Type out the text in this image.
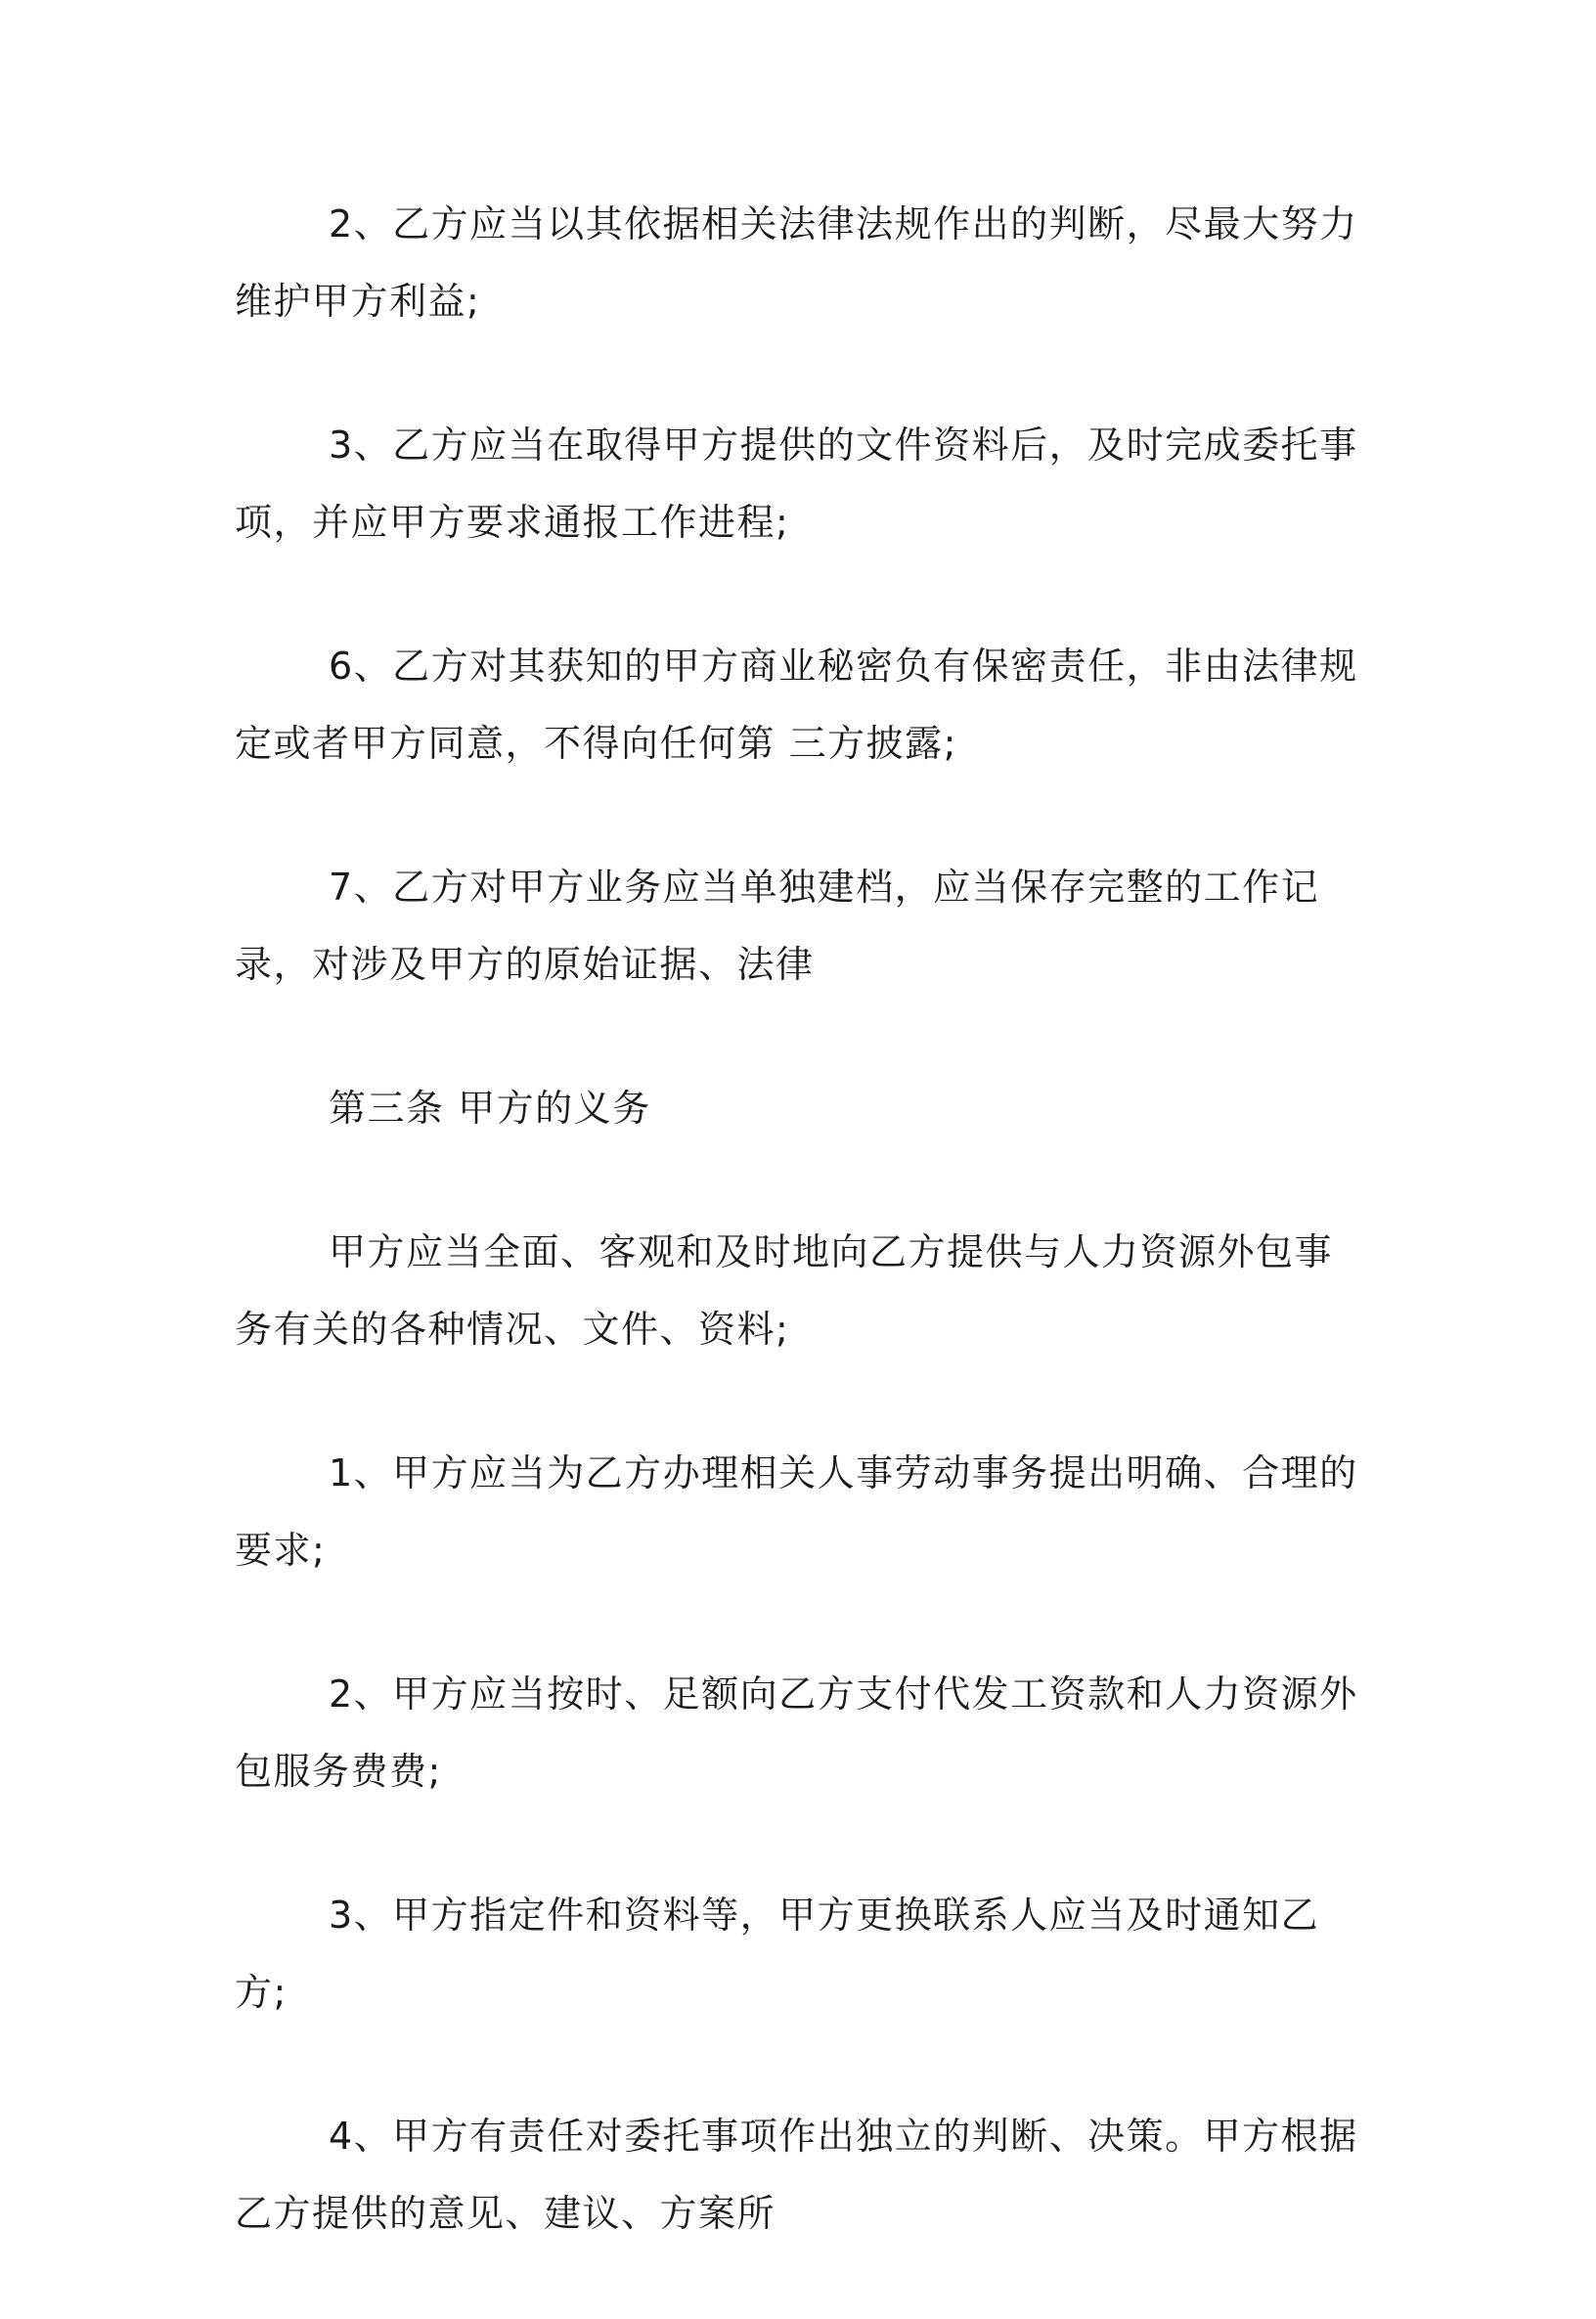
2、乙方应当以其依据相关法律法规作出的判断，尽最大努力维护甲方利益;

3、乙方应当在取得甲方提供的文件资料后，及时完成委托事项，并应甲方要求通报工作进程;

6、乙方对其获知的甲方商业秘密负有保密责任，非由法律规定或者甲方同意，不得向任何第 三方披露;

7、乙方对甲方业务应当单独建档，应当保存完整的工作记录，对涉及甲方的原始证据、法律

第三条 甲方的义务

甲方应当全面、客观和及时地向乙方提供与人力资源外包事务有关的各种情况、文件、资料;

1、甲方应当为乙方办理相关人事劳动事务提出明确、合理的要求;

2、甲方应当按时、足额向乙方支付代发工资款和人力资源外包服务费费;

3、甲方指定件和资料等，甲方更换联系人应当及时通知乙方;

4、甲方有责任对委托事项作出独立的判断、决策。甲方根据乙方提供的意见、建议、方案所
